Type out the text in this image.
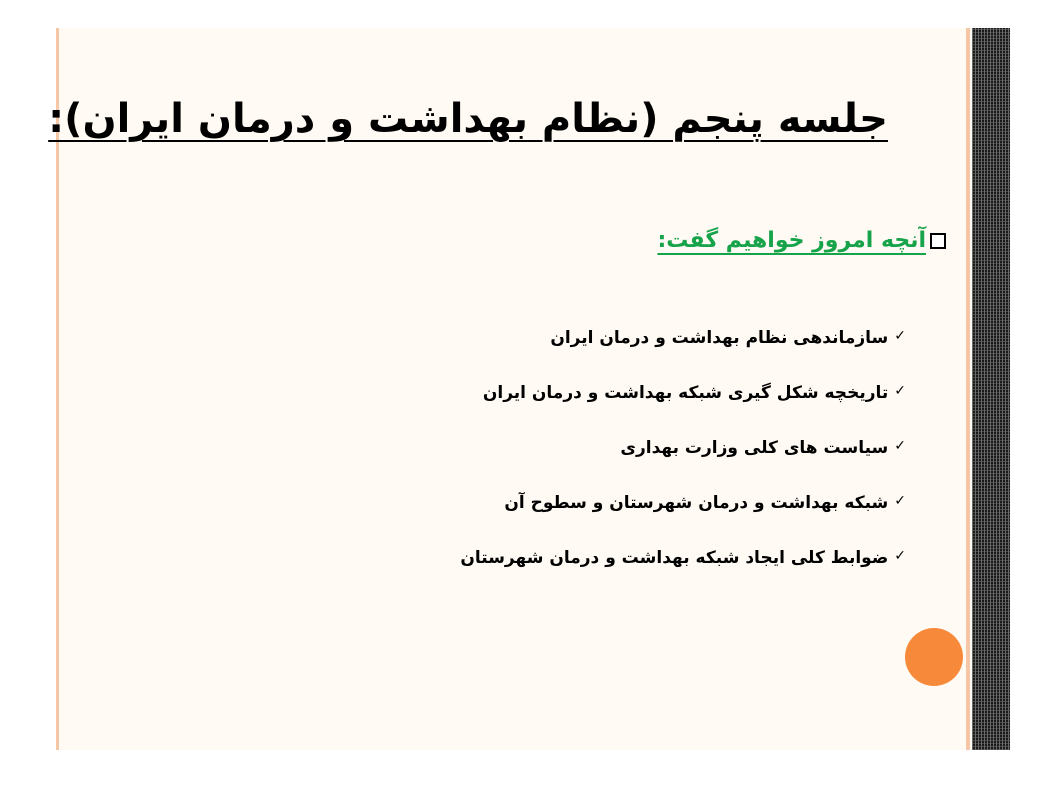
جلسه پنجم (نظام بهداشت و درمان ایران):
آنچه امروز خواهیم گفت:
✓
سازماندهی نظام بهداشت و درمان ایران
✓
تاریخچه شکل گیری شبکه بهداشت و درمان ایران
✓
سیاست های کلی وزارت بهداری
✓
شبکه بهداشت و درمان شهرستان و سطوح آن
✓
ضوابط کلی ایجاد شبکه بهداشت و درمان شهرستان
